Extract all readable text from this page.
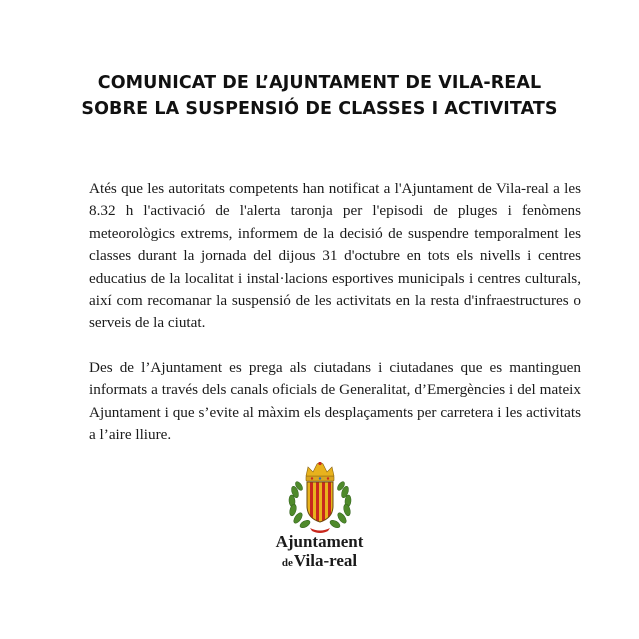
COMUNICAT DE L’AJUNTAMENT DE VILA-REAL
SOBRE LA SUSPENSIÓ DE CLASSES I ACTIVITATS

Atés que les autoritats competents han notificat a l'Ajuntament de Vila-real a les 8.32 h l'activació de l'alerta taronja per l'episodi de pluges i fenòmens meteorològics extrems, informem de la decisió de suspendre temporalment les classes durant la jornada del dijous 31 d'octubre en tots els nivells i centres educatius de la localitat i instal·lacions esportives municipals i centres culturals, així com recomanar la suspensió de les activitats en la resta d'infraestructures o serveis de la ciutat.

Des de l’Ajuntament es prega als ciutadans i ciutadanes que es mantinguen informats a través dels canals oficials de Generalitat, d’Emergències i del mateix Ajuntament i que s’evite al màxim els desplaçaments per carretera i les activitats a l’aire lliure.

Ajuntament
deVila-real
